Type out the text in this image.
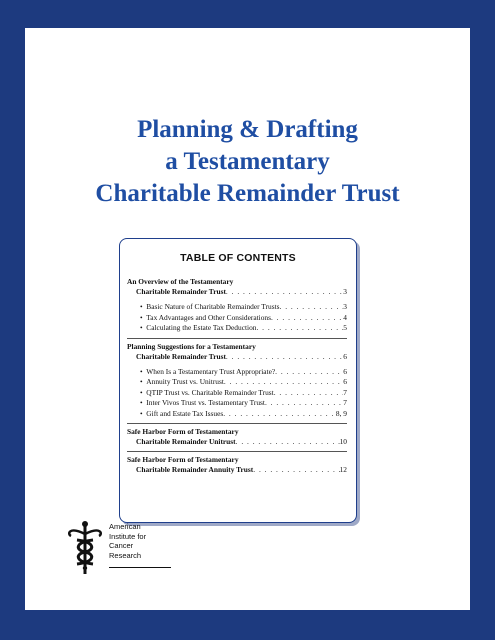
Planning & Drafting
a Testamentary
Charitable Remainder Trust
TABLE OF CONTENTS
An Overview of the Testamentary
Charitable Remainder Trust . . .	3
•  Basic Nature of Charitable Remainder Trusts . . .	3
•  Tax Advantages and Other Considerations . . .	4
•  Calculating the Estate Tax Deduction . . .	5
Planning Suggestions for a Testamentary
Charitable Remainder Trust . . .	6
•  When Is a Testamentary Trust Appropriate? . . .	6
•  Annuity Trust vs. Unitrust . . .	6
•  QTIP Trust vs. Charitable Remainder Trust . . .	7
•  Inter Vivos Trust vs. Testamentary Trust . . .	7
•  Gift and Estate Tax Issues . . .	8, 9
Safe Harbor Form of Testamentary
Charitable Remainder Unitrust . . .	10
Safe Harbor Form of Testamentary
Charitable Remainder Annuity Trust . . .	12
American
Institute for
Cancer
Research
